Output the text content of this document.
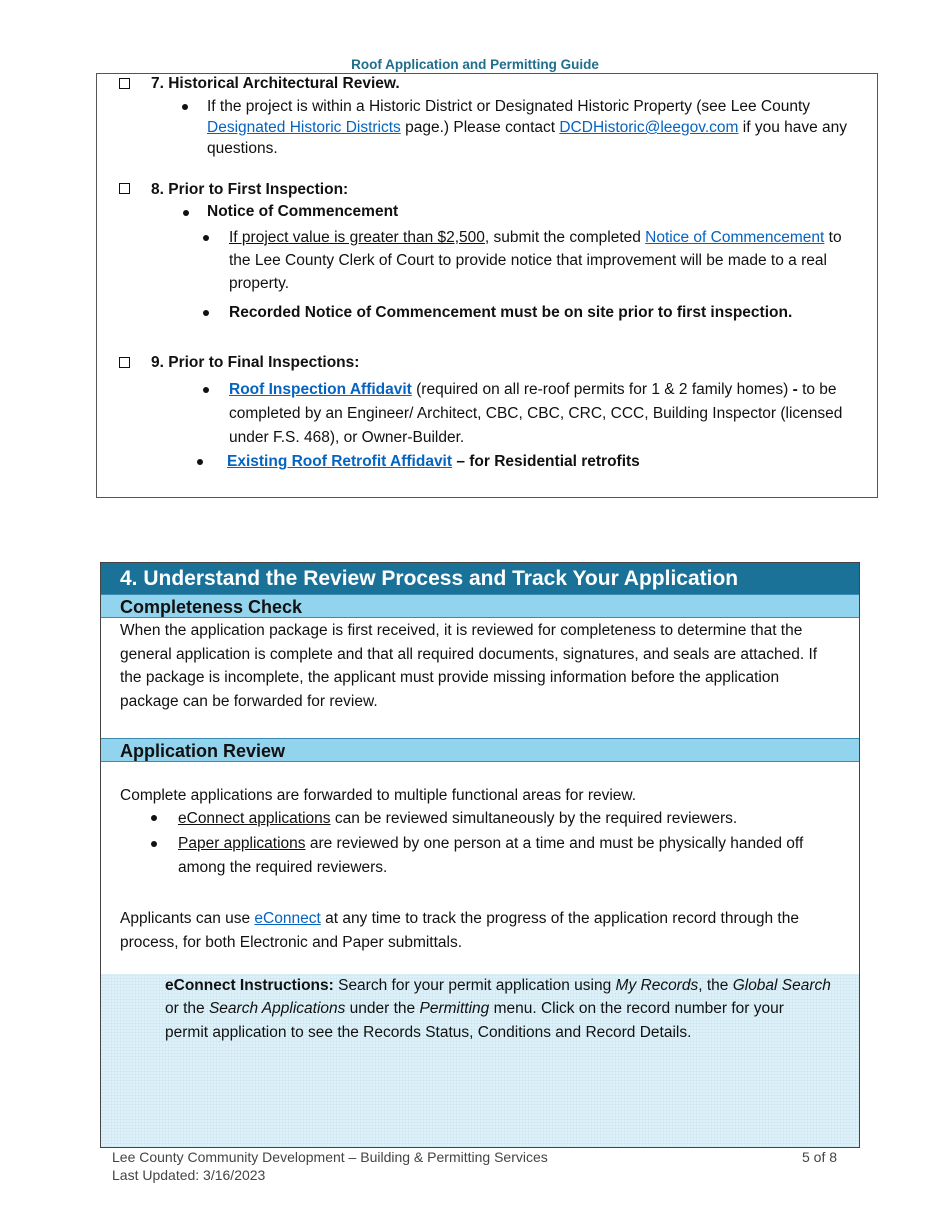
Roof Application and Permitting Guide
7. Historical Architectural Review.
If the project is within a Historic District or Designated Historic Property (see Lee County
Designated Historic Districts page.) Please contact DCDHistoric@leegov.com if you have any
questions.
8. Prior to First Inspection:
Notice of Commencement
If project value is greater than $2,500, submit the completed Notice of Commencement to
the Lee County Clerk of Court to provide notice that improvement will be made to a real
property.
Recorded Notice of Commencement must be on site prior to first inspection.
9. Prior to Final Inspections:
Roof Inspection Affidavit (required on all re-roof permits for 1 & 2 family homes) - to be
completed by an Engineer/ Architect, CBC, CBC, CRC, CCC, Building Inspector (licensed
under F.S. 468), or Owner-Builder.
Existing Roof Retrofit Affidavit – for Residential retrofits
4. Understand the Review Process and Track Your Application
Completeness Check
When the application package is first received, it is reviewed for completeness to determine that the
general application is complete and that all required documents, signatures, and seals are attached. If
the package is incomplete, the applicant must provide missing information before the application
package can be forwarded for review.
Application Review
Complete applications are forwarded to multiple functional areas for review.
eConnect applications can be reviewed simultaneously by the required reviewers.
Paper applications are reviewed by one person at a time and must be physically handed off
among the required reviewers.
Applicants can use eConnect at any time to track the progress of the application record through the
process, for both Electronic and Paper submittals.
eConnect Instructions: Search for your permit application using My Records, the Global Search
or the Search Applications under the Permitting menu. Click on the record number for your
permit application to see the Records Status, Conditions and Record Details.
Lee County Community Development – Building & Permitting Services
Last Updated: 3/16/2023
5 of 8
